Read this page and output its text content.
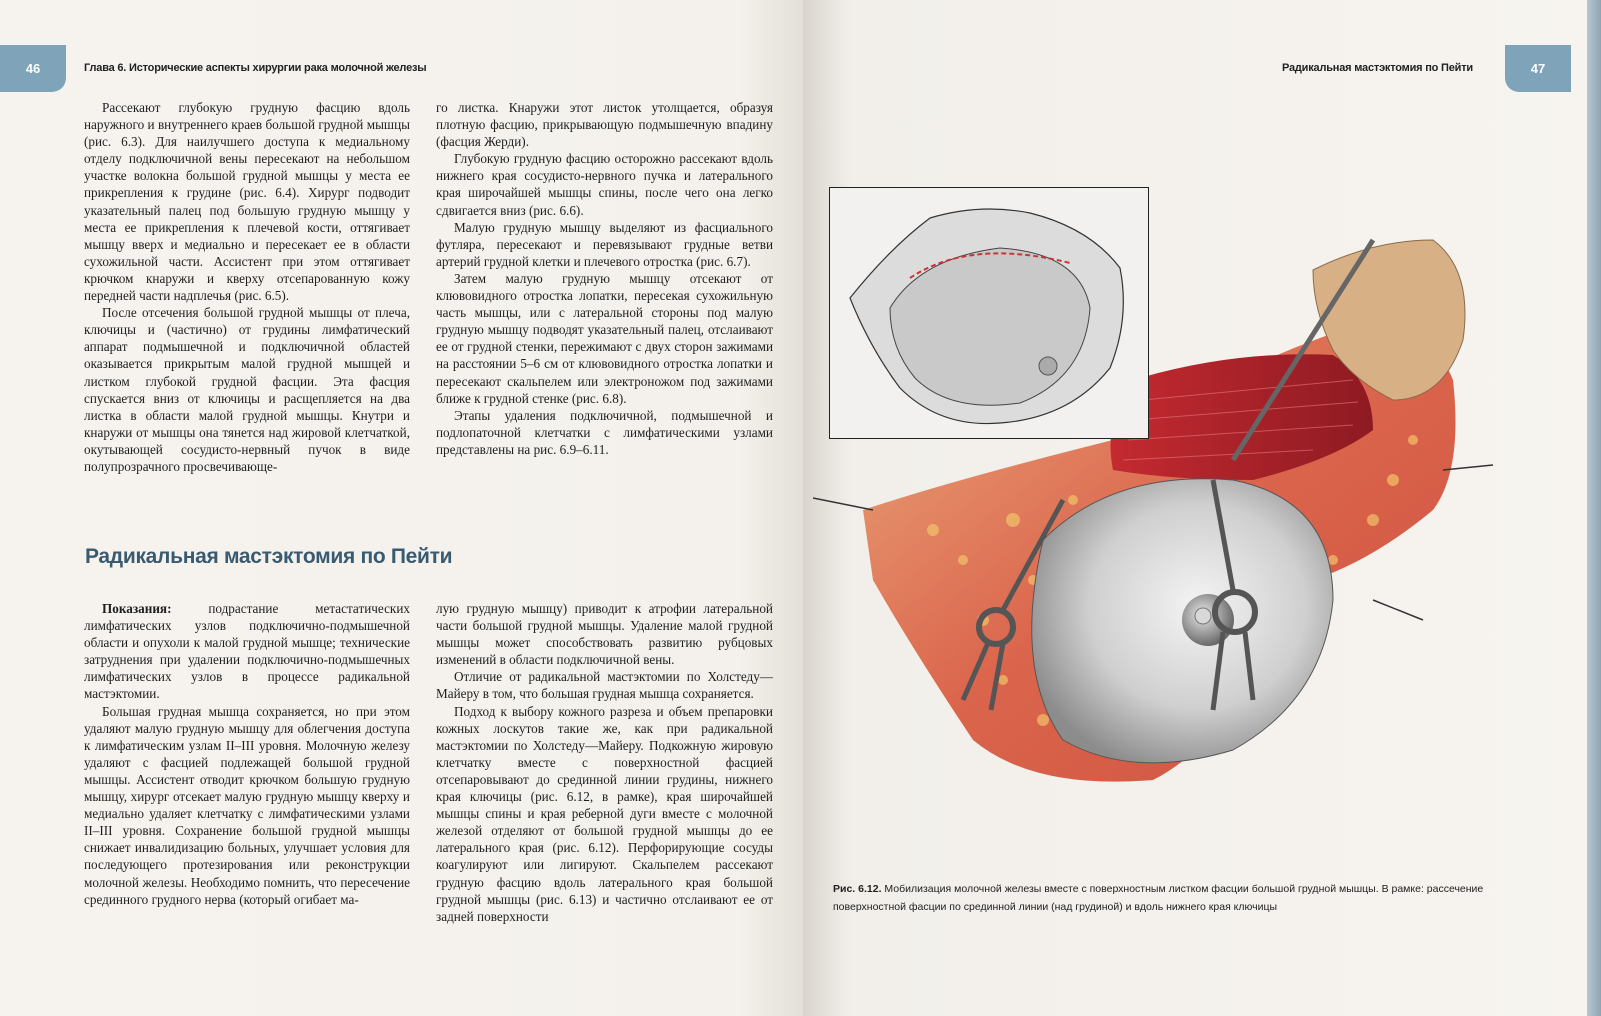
46	Глава 6. Исторические аспекты хирургии рака молочной железы

Рассекают глубокую грудную фасцию вдоль наружного и внутреннего краев большой грудной мышцы (рис. 6.3). Для наилучшего доступа к медиальному отделу подключичной вены пересекают на небольшом участке волокна большой грудной мышцы у места ее прикрепления к грудине (рис. 6.4). Хирург подводит указательный палец под большую грудную мышцу у места ее прикрепления к плечевой кости, оттягивает мышцу вверх и медиально и пересекает ее в области сухожильной части. Ассистент при этом оттягивает крючком кнаружи и кверху отсепарованную кожу передней части надплечья (рис. 6.5).

После отсечения большой грудной мышцы от плеча, ключицы и (частично) от грудины лимфатический аппарат подмышечной и подключичной областей оказывается прикрытым малой грудной мышцей и листком глубокой грудной фасции. Эта фасция спускается вниз от ключицы и расщепляется на два листка в области малой грудной мышцы. Кнутри и кнаружи от мышцы она тянется над жировой клетчаткой, окутывающей сосудисто-нервный пучок в виде полупрозрачного просвечивающе-

го листка. Кнаружи этот листок утолщается, образуя плотную фасцию, прикрывающую подмышечную впадину (фасция Жерди).

Глубокую грудную фасцию осторожно рассекают вдоль нижнего края сосудисто-нервного пучка и латерального края широчайшей мышцы спины, после чего она легко сдвигается вниз (рис. 6.6).

Малую грудную мышцу выделяют из фасциального футляра, пересекают и перевязывают грудные ветви артерий грудной клетки и плечевого отростка (рис. 6.7).

Затем малую грудную мышцу отсекают от клювовидного отростка лопатки, пересекая сухожильную часть мышцы, или с латеральной стороны под малую грудную мышцу подводят указательный палец, отслаивают ее от грудной стенки, пережимают с двух сторон зажимами на расстоянии 5–6 см от клювовидного отростка лопатки и пересекают скальпелем или электроножом под зажимами ближе к грудной стенке (рис. 6.8).

Этапы удаления подключичной, подмышечной и подлопаточной клетчатки с лимфатическими узлами представлены на рис. 6.9–6.11.

Радикальная мастэктомия по Пейти

Показания: подрастание метастатических лимфатических узлов подключично-подмышечной области и опухоли к малой грудной мышце; технические затруднения при удалении подключично-подмышечных лимфатических узлов в процессе радикальной мастэктомии.

Большая грудная мышца сохраняется, но при этом удаляют малую грудную мышцу для облегчения доступа к лимфатическим узлам II–III уровня. Молочную железу удаляют с фасцией подлежащей большой грудной мышцы. Ассистент отводит крючком большую грудную мышцу, хирург отсекает малую грудную мышцу кверху и медиально удаляет клетчатку с лимфатическими узлами II–III уровня. Сохранение большой грудной мышцы снижает инвалидизацию больных, улучшает условия для последующего протезирования или реконструкции молочной железы. Необходимо помнить, что пересечение срединного грудного нерва (который огибает ма-

лую грудную мышцу) приводит к атрофии латеральной части большой грудной мышцы. Удаление малой грудной мышцы может способствовать развитию рубцовых изменений в области подключичной вены.

Отличие от радикальной мастэктомии по Холстеду—Майеру в том, что большая грудная мышца сохраняется.

Подход к выбору кожного разреза и объем препаровки кожных лоскутов такие же, как при радикальной мастэктомии по Холстеду—Майеру. Подкожную жировую клетчатку вместе с поверхностной фасцией отсепаровывают до срединной линии грудины, нижнего края ключицы (рис. 6.12, в рамке), края широчайшей мышцы спины и края реберной дуги вместе с молочной железой отделяют от большой грудной мышцы до ее латерального края (рис. 6.12). Перфорирующие сосуды коагулируют или лигируют. Скальпелем рассекают грудную фасцию вдоль латерального края большой грудной мышцы (рис. 6.13) и частично отслаивают ее от задней поверхности

Радикальная мастэктомия по Пейти	47
Рис. 6.12. Мобилизация молочной железы вместе с поверхностным листком фасции большой грудной мышцы. В рамке: рассечение поверхностной фасции по срединной линии (над грудиной) и вдоль нижнего края ключицы
